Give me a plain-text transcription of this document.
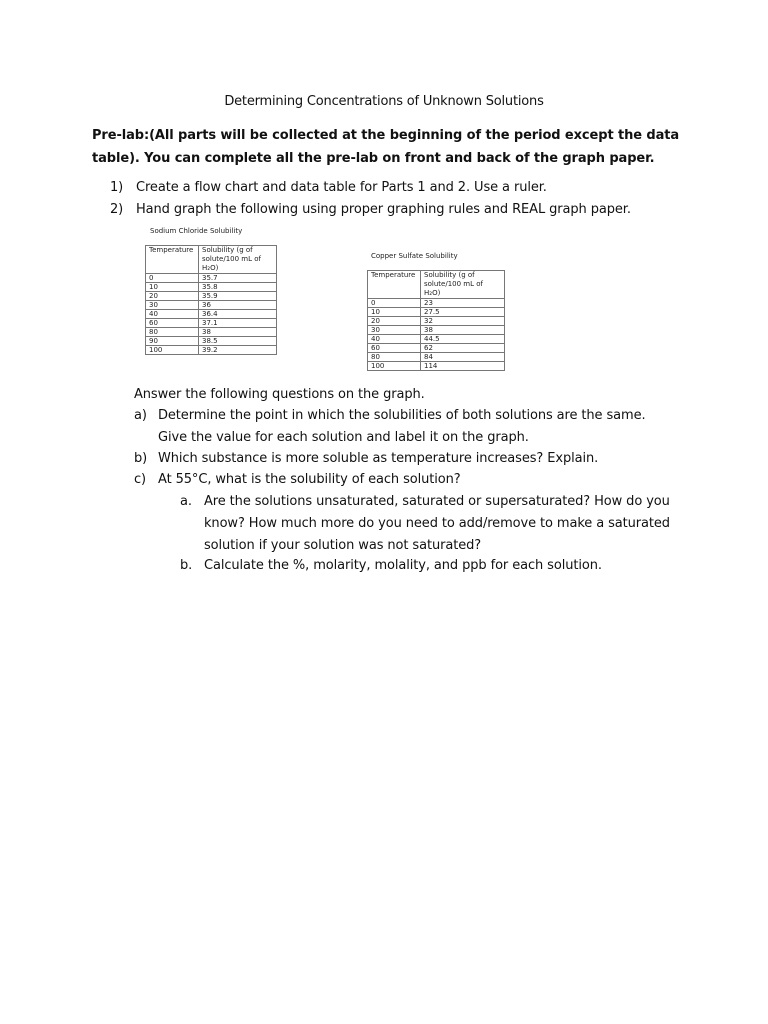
Determining Concentrations of Unknown Solutions
Pre-lab:(All parts will be collected at the beginning of the period except the data table). You can complete all the pre-lab on front and back of the graph paper.
1) Create a flow chart and data table for Parts 1 and 2. Use a ruler.
2) Hand graph the following using proper graphing rules and REAL graph paper.
Sodium Chloride Solubility
Temperature	Solubility (g of solute/100 mL of H₂O)
0	35.7
10	35.8
20	35.9
30	36
40	36.4
60	37.1
80	38
90	38.5
100	39.2
Copper Sulfate Solubility
Temperature	Solubility (g of solute/100 mL of H₂O)
0	23
10	27.5
20	32
30	38
40	44.5
60	62
80	84
100	114
Answer the following questions on the graph.
a) Determine the point in which the solubilities of both solutions are the same.
Give the value for each solution and label it on the graph.
b) Which substance is more soluble as temperature increases? Explain.
c) At 55°C, what is the solubility of each solution?
a. Are the solutions unsaturated, saturated or supersaturated? How do you
know? How much more do you need to add/remove to make a saturated
solution if your solution was not saturated?
b. Calculate the %, molarity, molality, and ppb for each solution.
